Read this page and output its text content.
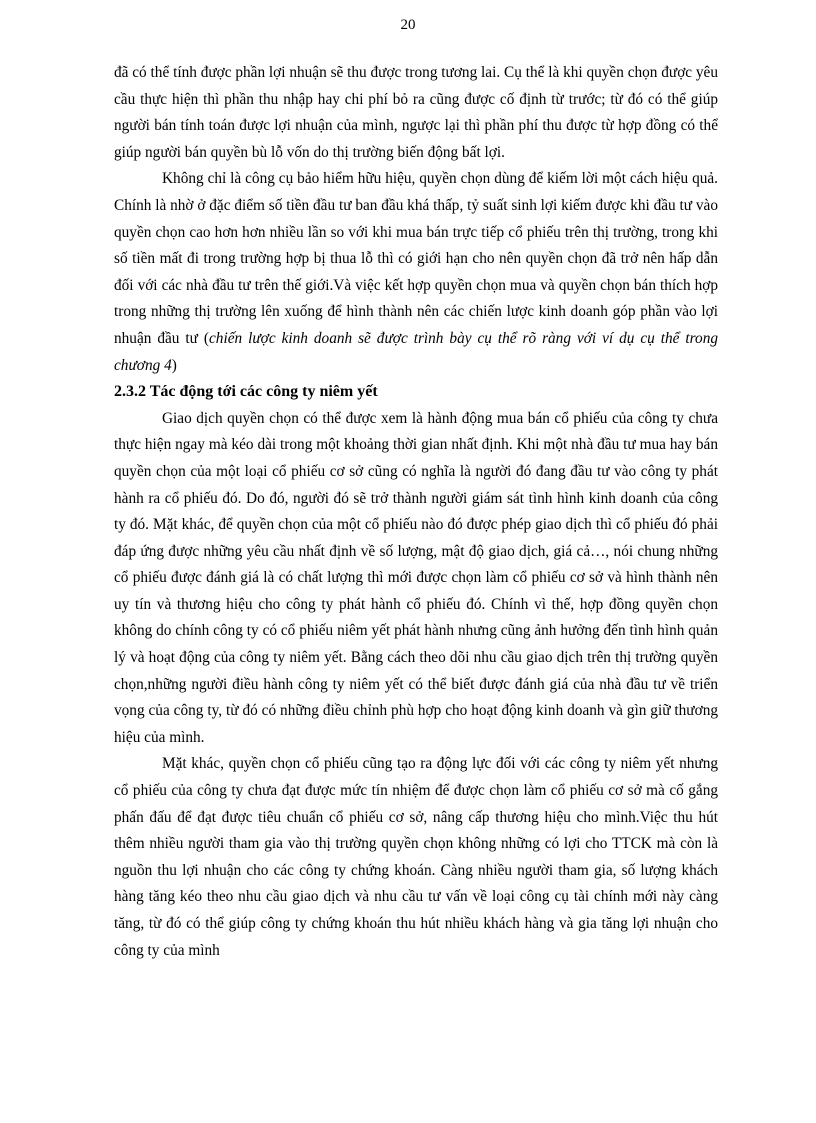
20

đã có thể tính được phần lợi nhuận sẽ thu được trong tương lai. Cụ thể là khi quyền chọn được yêu cầu thực hiện thì phần thu nhập hay chi phí bỏ ra cũng được cố định từ trước; từ đó có thể giúp người bán tính toán được lợi nhuận của mình, ngược lại thì phần phí thu được từ hợp đồng có thể giúp người bán quyền bù lỗ vốn do thị trường biến động bất lợi.

Không chỉ là công cụ bảo hiểm hữu hiệu, quyền chọn dùng để kiếm lời một cách hiệu quả. Chính là nhờ ở đặc điểm số tiền đầu tư ban đầu khá thấp, tỷ suất sinh lợi kiếm được khi đầu tư vào quyền chọn cao hơn hơn nhiều lần so với khi mua bán trực tiếp cổ phiếu trên thị trường, trong khi số tiền mất đi trong trường hợp bị thua lỗ thì có giới hạn cho nên quyền chọn đã trở nên hấp dẫn đối với các nhà đầu tư trên thế giới.Và việc kết hợp quyền chọn mua và quyền chọn bán thích hợp trong những thị trường lên xuống để hình thành nên các chiến lược kinh doanh góp phần vào lợi nhuận đầu tư (chiến lược kinh doanh sẽ được trình bày cụ thể rõ ràng với ví dụ cụ thể trong chương 4)

2.3.2 Tác động tới các công ty niêm yết

Giao dịch quyền chọn có thể được xem là hành động mua bán cổ phiếu của công ty chưa thực hiện ngay mà kéo dài trong một khoảng thời gian nhất định. Khi một nhà đầu tư mua hay bán quyền chọn của một loại cổ phiếu cơ sở cũng có nghĩa là người đó đang đầu tư vào công ty phát hành ra cổ phiếu đó. Do đó, người đó sẽ trở thành người giám sát tình hình kinh doanh của công ty đó. Mặt khác, để quyền chọn của một cổ phiếu nào đó được phép giao dịch thì cổ phiếu đó phải đáp ứng được những yêu cầu nhất định về số lượng, mật độ giao dịch, giá cả…, nói chung những cổ phiếu được đánh giá là có chất lượng thì mới được chọn làm cổ phiếu cơ sở và hình thành nên uy tín và thương hiệu cho công ty phát hành cổ phiếu đó. Chính vì thế, hợp đồng quyền chọn không do chính công ty có cổ phiếu niêm yết phát hành nhưng cũng ảnh hưởng đến tình hình quản lý và hoạt động của công ty niêm yết. Bằng cách theo dõi nhu cầu giao dịch trên thị trường quyền chọn,những người điều hành công ty niêm yết có thể biết được đánh giá của nhà đầu tư về triển vọng của công ty, từ đó có những điều chỉnh phù hợp cho hoạt động kinh doanh và gìn giữ thương hiệu của mình.

Mặt khác, quyền chọn cổ phiếu cũng tạo ra động lực đối với các công ty niêm yết nhưng cổ phiếu của công ty chưa đạt được mức tín nhiệm để được chọn làm cổ phiếu cơ sở mà cố gắng phấn đấu để đạt được tiêu chuẩn cổ phiếu cơ sở, nâng cấp thương hiệu cho mình.Việc thu hút thêm nhiều người tham gia vào thị trường quyền chọn không những có lợi cho TTCK mà còn là nguồn thu lợi nhuận cho các công ty chứng khoán. Càng nhiều người tham gia, số lượng khách hàng tăng kéo theo nhu cầu giao dịch và nhu cầu tư vấn về loại công cụ tài chính mới này càng tăng, từ đó có thể giúp công ty chứng khoán thu hút nhiều khách hàng và gia tăng lợi nhuận cho công ty của mình
